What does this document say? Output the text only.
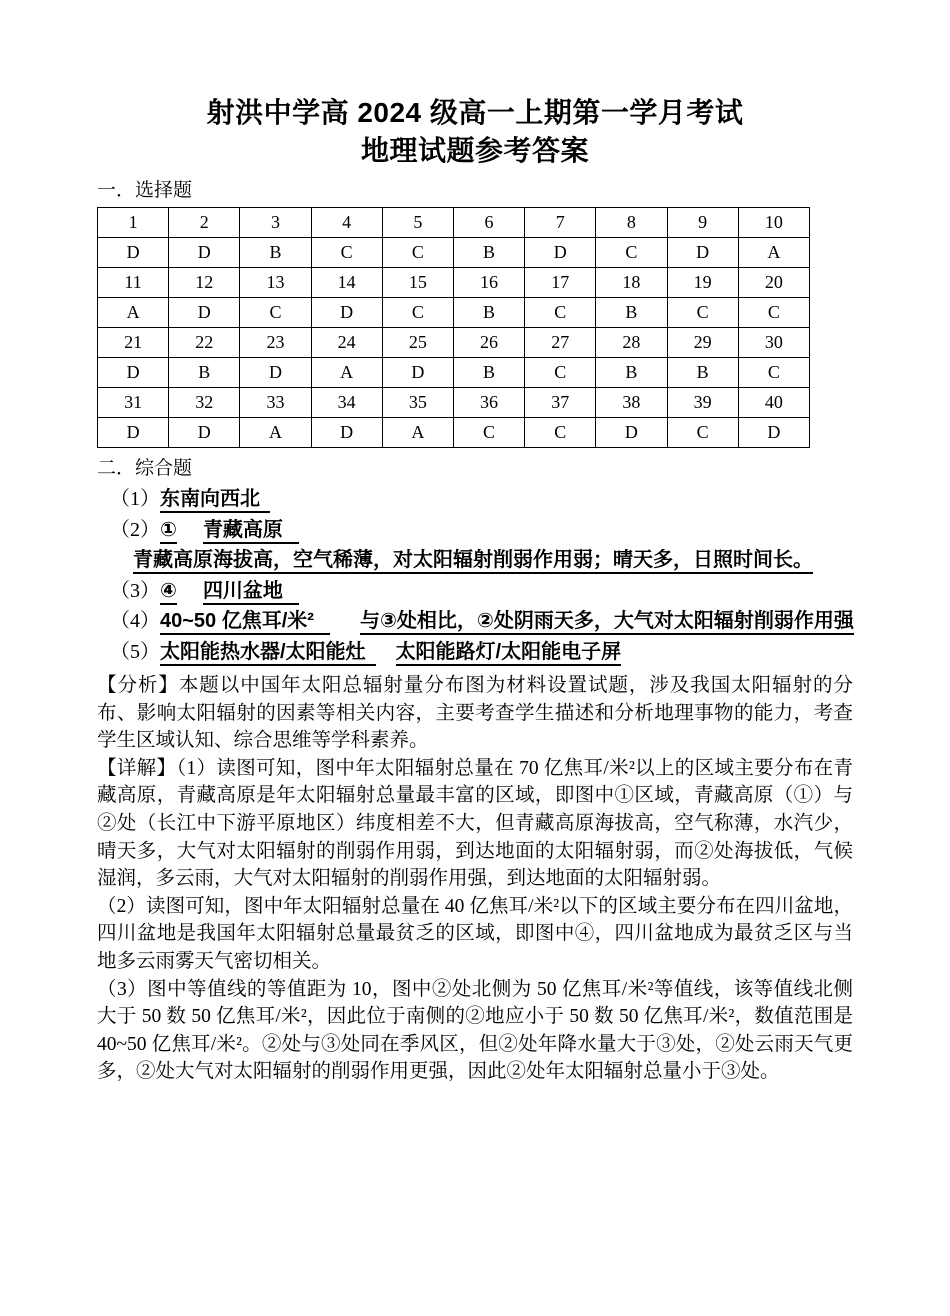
射洪中学高 2024 级高一上期第一学月考试
地理试题参考答案
一．选择题
1	2	3	4	5	6	7	8	9	10
D	D	B	C	C	B	D	C	D	A
11	12	13	14	15	16	17	18	19	20
A	D	C	D	C	B	C	B	C	C
21	22	23	24	25	26	27	28	29	30
D	B	D	A	D	B	C	B	B	C
31	32	33	34	35	36	37	38	39	40
D	D	A	D	A	C	C	D	C	D
二．综合题
（1）东南向西北
（2）① 青藏高原
青藏高原海拔高，空气稀薄，对太阳辐射削弱作用弱；晴天多，日照时间长。
（3）④ 四川盆地
（4）40~50 亿焦耳/米² 与③处相比，②处阴雨天多，大气对太阳辐射削弱作用强
（5）太阳能热水器/太阳能灶 太阳能路灯/太阳能电子屏

【分析】本题以中国年太阳总辐射量分布图为材料设置试题，涉及我国太阳辐射的分布、影响太阳辐射的因素等相关内容，主要考查学生描述和分析地理事物的能力，考查学生区域认知、综合思维等学科素养。

【详解】（1）读图可知，图中年太阳辐射总量在 70 亿焦耳/米²以上的区域主要分布在青藏高原，青藏高原是年太阳辐射总量最丰富的区域，即图中①区域，青藏高原（①）与②处（长江中下游平原地区）纬度相差不大，但青藏高原海拔高，空气称薄，水汽少，晴天多，大气对太阳辐射的削弱作用弱，到达地面的太阳辐射弱，而②处海拔低，气候湿润，多云雨，大气对太阳辐射的削弱作用强，到达地面的太阳辐射弱。

（2）读图可知，图中年太阳辐射总量在 40 亿焦耳/米²以下的区域主要分布在四川盆地，四川盆地是我国年太阳辐射总量最贫乏的区域，即图中④，四川盆地成为最贫乏区与当地多云雨雾天气密切相关。

（3）图中等值线的等值距为 10，图中②处北侧为 50 亿焦耳/米²等值线，该等值线北侧大于 50 数 50 亿焦耳/米²，因此位于南侧的②地应小于 50 数 50 亿焦耳/米²，数值范围是 40~50 亿焦耳/米²。②处与③处同在季风区，但②处年降水量大于③处，②处云雨天气更多，②处大气对太阳辐射的削弱作用更强，因此②处年太阳辐射总量小于③处。
